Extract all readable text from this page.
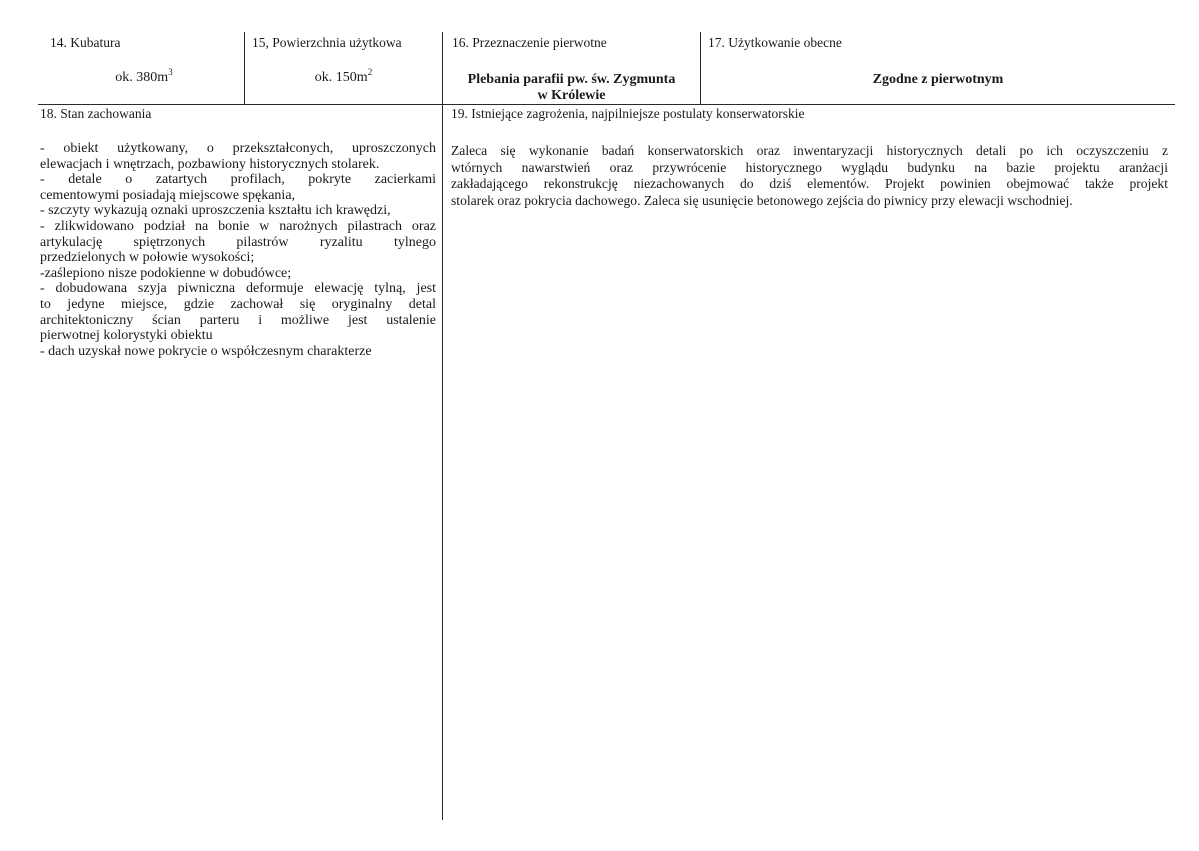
14. Kubatura
ok. $380m^3$
15, Powierzchnia użytkowa
ok. $150m^2$
16. Przeznaczenie pierwotne
Plebania parafii pw. św. Zygmunta
w Królewie
17. Użytkowanie obecne
Zgodne z pierwotnym
18. Stan zachowania
- obiekt użytkowany, o przekształconych, uproszczonych
elewacjach i wnętrzach, pozbawiony historycznych stolarek.
- detale o zatartych profilach, pokryte zacierkami
cementowymi posiadają miejscowe spękania,
- szczyty wykazują oznaki uproszczenia kształtu ich krawędzi,
- zlikwidowano podział na bonie w narożnych pilastrach oraz
artykulację spiętrzonych pilastrów ryzalitu tylnego
przedzielonych w połowie wysokości;
-zaślepiono nisze podokienne w dobudówce;
- dobudowana szyja piwniczna deformuje elewację tylną, jest
to jedyne miejsce, gdzie zachował się oryginalny detal
architektoniczny ścian parteru i możliwe jest ustalenie
pierwotnej kolorystyki obiektu
- dach uzyskał nowe pokrycie o współczesnym charakterze
19. Istniejące zagrożenia, najpilniejsze postulaty konserwatorskie
Zaleca się wykonanie badań konserwatorskich oraz inwentaryzacji historycznych detali po ich oczyszczeniu z
wtórnych nawarstwień oraz przywrócenie historycznego wyglądu budynku na bazie projektu aranżacji
zakładającego rekonstrukcję niezachowanych do dziś elementów. Projekt powinien obejmować także projekt
stolarek oraz pokrycia dachowego. Zaleca się usunięcie betonowego zejścia do piwnicy przy elewacji wschodniej.
